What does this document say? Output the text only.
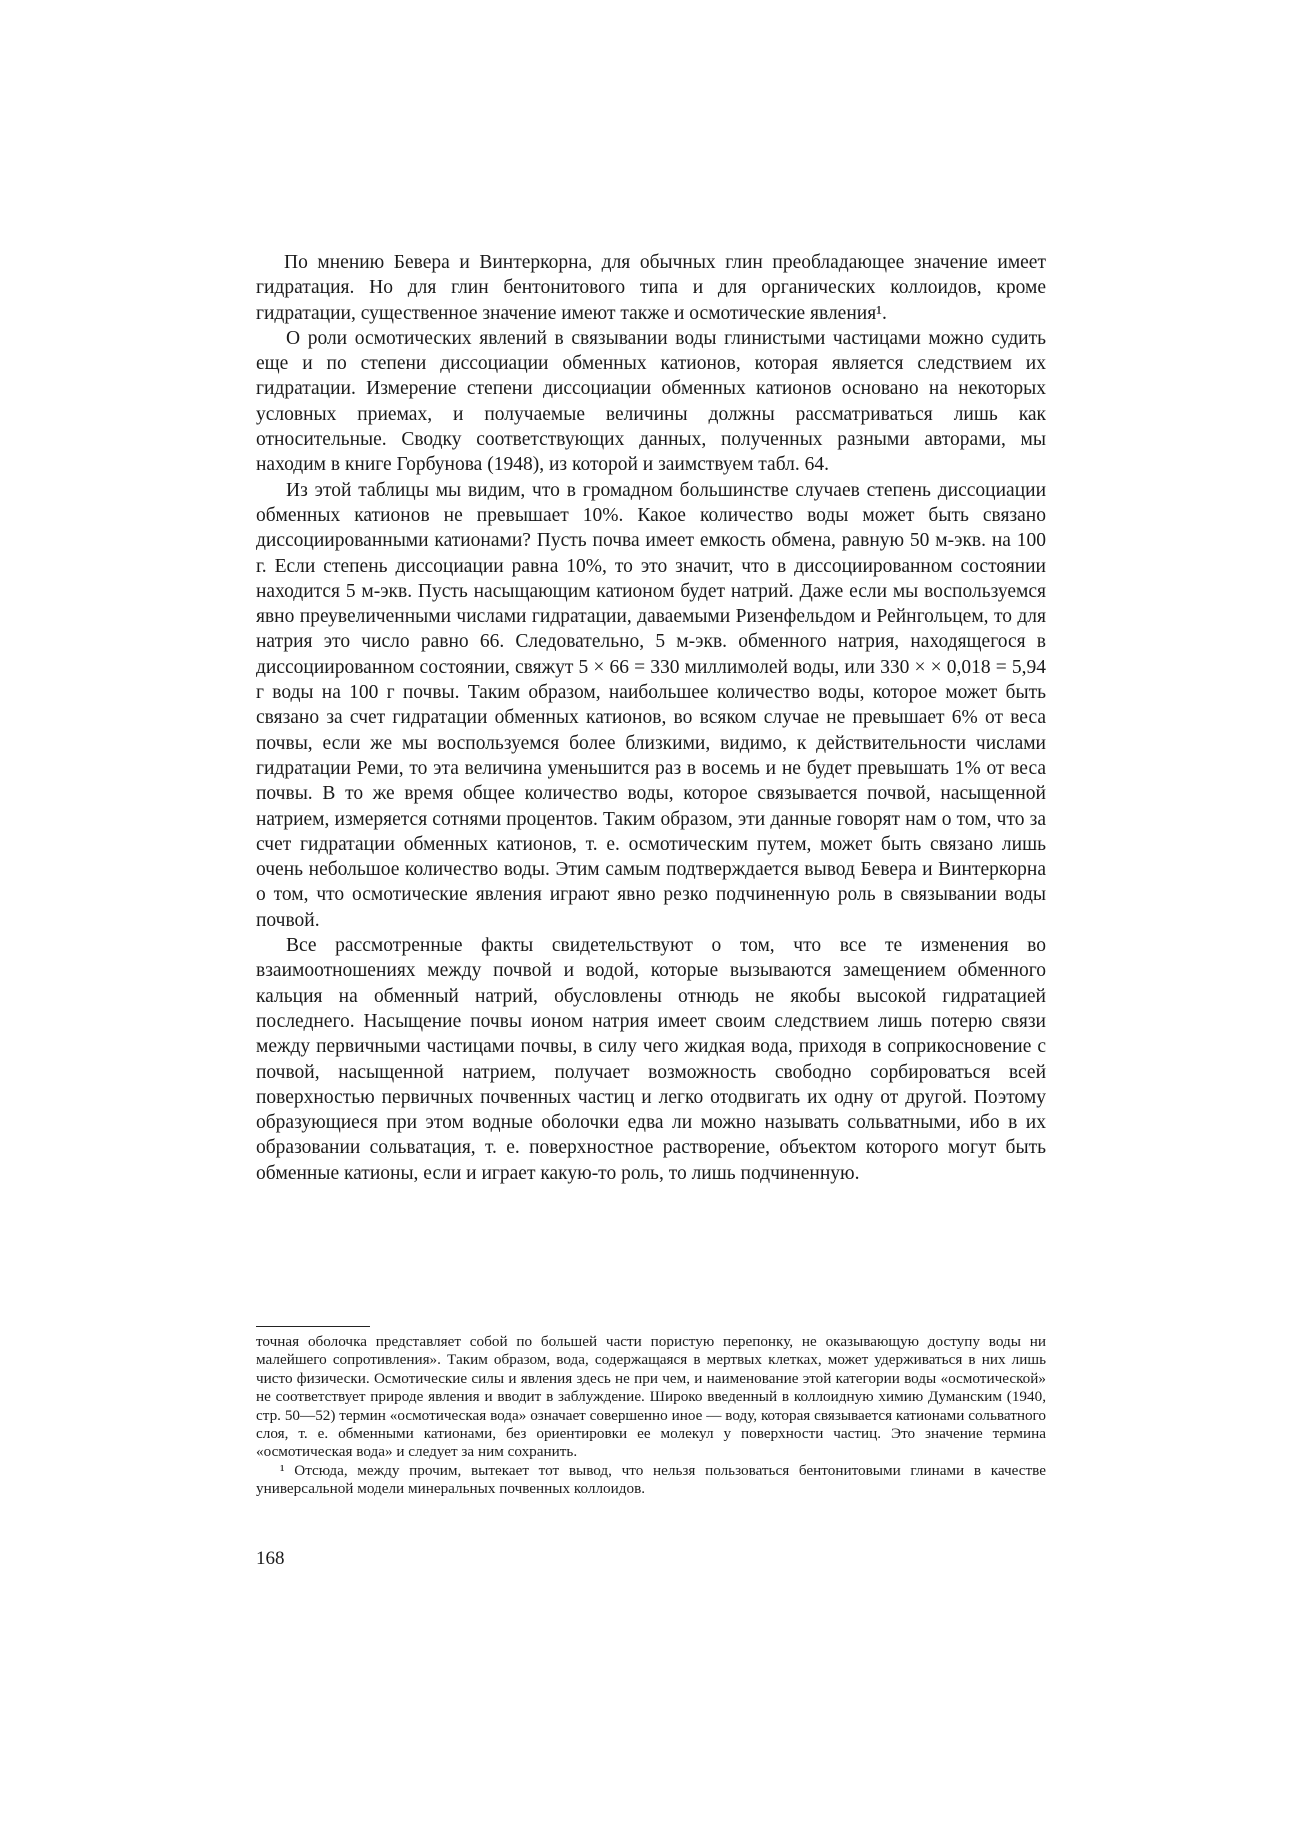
По мнению Бевера и Винтеркорна, для обычных глин преобладающее значение имеет гидратация. Но для глин бентонитового типа и для органических коллоидов, кроме гидратации, существенное значение имеют также и осмотические явления¹.

О роли осмотических явлений в связывании воды глинистыми частицами можно судить еще и по степени диссоциации обменных катионов, которая является следствием их гидратации. Измерение степени диссоциации обменных катионов основано на некоторых условных приемах, и получаемые величины должны рассматриваться лишь как относительные. Сводку соответствующих данных, полученных разными авторами, мы находим в книге Горбунова (1948), из которой и заимствуем табл. 64.

Из этой таблицы мы видим, что в громадном большинстве случаев степень диссоциации обменных катионов не превышает 10%. Какое количество воды может быть связано диссоциированными катионами? Пусть почва имеет емкость обмена, равную 50 м-экв. на 100 г. Если степень диссоциации равна 10%, то это значит, что в диссоциированном состоянии находится 5 м-экв. Пусть насыщающим катионом будет натрий. Даже если мы воспользуемся явно преувеличенными числами гидратации, даваемыми Ризенфельдом и Рейнгольцем, то для натрия это число равно 66. Следовательно, 5 м-экв. обменного натрия, находящегося в диссоциированном состоянии, свяжут 5 × 66 = 330 миллимолей воды, или 330 × × 0,018 = 5,94 г воды на 100 г почвы. Таким образом, наибольшее количество воды, которое может быть связано за счет гидратации обменных катионов, во всяком случае не превышает 6% от веса почвы, если же мы воспользуемся более близкими, видимо, к действительности числами гидратации Реми, то эта величина уменьшится раз в восемь и не будет превышать 1% от веса почвы. В то же время общее количество воды, которое связывается почвой, насыщенной натрием, измеряется сотнями процентов. Таким образом, эти данные говорят нам о том, что за счет гидратации обменных катионов, т. е. осмотическим путем, может быть связано лишь очень небольшое количество воды. Этим самым подтверждается вывод Бевера и Винтеркорна о том, что осмотические явления играют явно резко подчиненную роль в связывании воды почвой.

Все рассмотренные факты свидетельствуют о том, что все те изменения во взаимоотношениях между почвой и водой, которые вызываются замещением обменного кальция на обменный натрий, обусловлены отнюдь не якобы высокой гидратацией последнего. Насыщение почвы ионом натрия имеет своим следствием лишь потерю связи между первичными частицами почвы, в силу чего жидкая вода, приходя в соприкосновение с почвой, насыщенной натрием, получает возможность свободно сорбироваться всей поверхностью первичных почвенных частиц и легко отодвигать их одну от другой. Поэтому образующиеся при этом водные оболочки едва ли можно называть сольватными, ибо в их образовании сольватация, т. е. поверхностное растворение, объектом которого могут быть обменные катионы, если и играет какую-то роль, то лишь подчиненную.

точная оболочка представляет собой по большей части пористую перепонку, не оказывающую доступу воды ни малейшего сопротивления». Таким образом, вода, содержащаяся в мертвых клетках, может удерживаться в них лишь чисто физически. Осмотические силы и явления здесь не при чем, и наименование этой категории воды «осмотической» не соответствует природе явления и вводит в заблуждение. Широко введенный в коллоидную химию Думанским (1940, стр. 50—52) термин «осмотическая вода» означает совершенно иное — воду, которая связывается катионами сольватного слоя, т. е. обменными катионами, без ориентировки ее молекул у поверхности частиц. Это значение термина «осмотическая вода» и следует за ним сохранить.

¹ Отсюда, между прочим, вытекает тот вывод, что нельзя пользоваться бентонитовыми глинами в качестве универсальной модели минеральных почвенных коллоидов.

168
